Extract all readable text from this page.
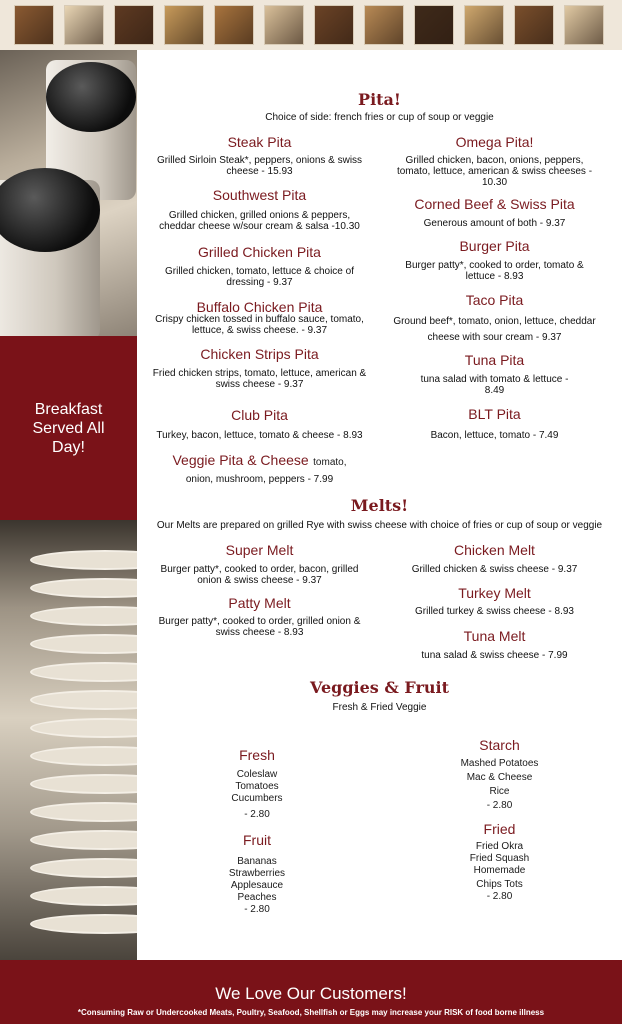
Breakfast Served All Day!
Pita!
Choice of side: french fries or cup of soup or veggie
Steak Pita
Grilled Sirloin Steak*, peppers, onions & swiss cheese - 15.93
Southwest Pita
Grilled chicken, grilled onions & peppers, cheddar cheese w/sour cream & salsa -10.30
Grilled Chicken Pita
Grilled chicken, tomato, lettuce & choice of dressing - 9.37
Buffalo Chicken Pita
Crispy chicken tossed in buffalo sauce, tomato, lettuce, & swiss cheese. - 9.37
Chicken Strips Pita
Fried chicken strips, tomato, lettuce, american & swiss cheese - 9.37
Club Pita
Turkey, bacon, lettuce, tomato & cheese - 8.93
Veggie Pita & Cheese tomato,
onion, mushroom, peppers - 7.99
Omega Pita!
Grilled chicken, bacon, onions, peppers, tomato, lettuce, american & swiss cheeses - 10.30
Corned Beef & Swiss Pita
Generous amount of both - 9.37
Burger Pita
Burger patty*, cooked to order, tomato & lettuce - 8.93
Taco Pita
Ground beef*, tomato, onion, lettuce, cheddar cheese with sour cream - 9.37
Tuna Pita
tuna salad with tomato & lettuce - 8.49
BLT Pita
Bacon, lettuce, tomato - 7.49
Melts!
Our Melts are prepared on grilled Rye with swiss cheese with choice of fries or cup of soup or veggie
Super Melt
Burger patty*, cooked to order, bacon, grilled onion & swiss cheese - 9.37
Patty Melt
Burger patty*, cooked to order, grilled onion & swiss cheese - 8.93
Chicken Melt
Grilled chicken & swiss cheese - 9.37
Turkey Melt
Grilled turkey & swiss cheese - 8.93
Tuna Melt
tuna salad & swiss cheese - 7.99
Veggies & Fruit
Fresh & Fried Veggie
Fresh
Coleslaw
Tomatoes
Cucumbers
- 2.80
Fruit
Bananas
Strawberries
Applesauce
Peaches
- 2.80
Starch
Mashed Potatoes
Mac & Cheese
Rice
- 2.80
Fried
Fried Okra
Fried Squash
Homemade
Chips Tots
- 2.80
We Love Our Customers!
*Consuming Raw or Undercooked Meats, Poultry, Seafood, Shellfish or Eggs may increase your RISK of food borne illness
